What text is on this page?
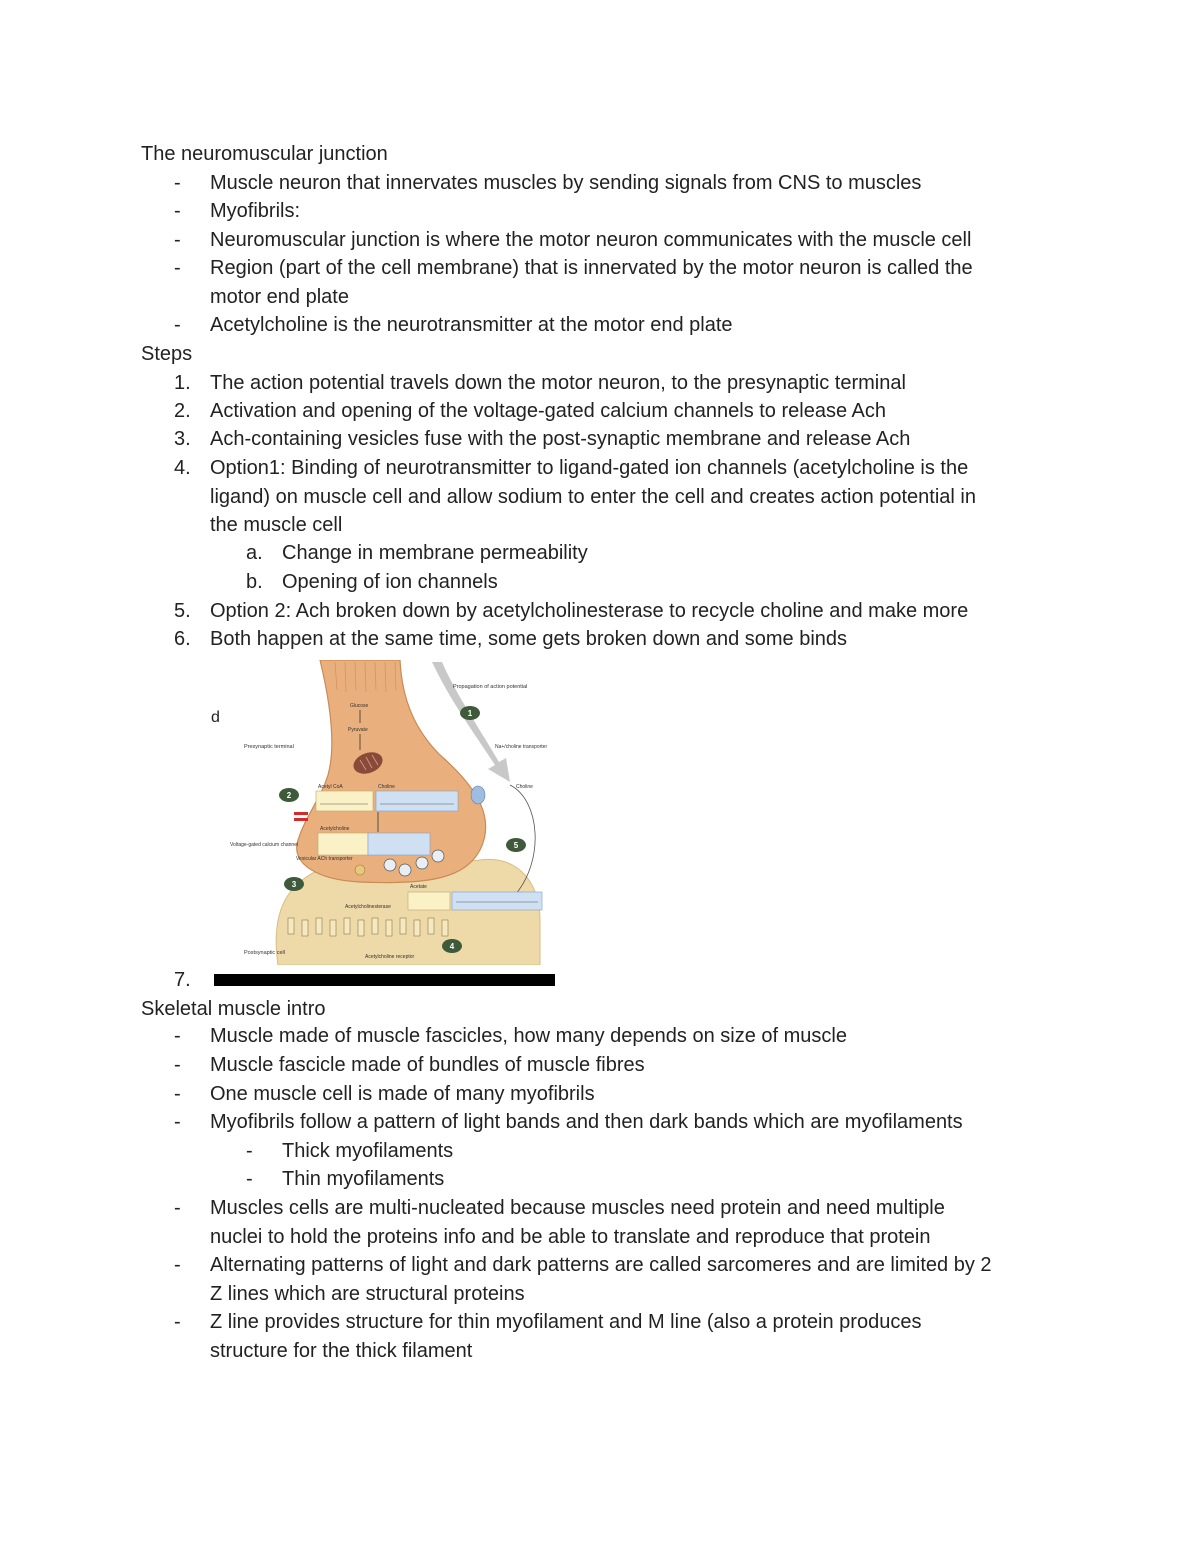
The neuromuscular junction
-	Muscle neuron that innervates muscles by sending signals from CNS to muscles
-	Myofibrils:
-	Neuromuscular junction is where the motor neuron communicates with the muscle cell
-	Region (part of the cell membrane) that is innervated by the motor neuron is called the
motor end plate
-	Acetylcholine is the neurotransmitter at the motor end plate
Steps
1. The action potential travels down the motor neuron, to the presynaptic terminal
2. Activation and opening of the voltage-gated calcium channels to release Ach
3. Ach-containing vesicles fuse with the post-synaptic membrane and release Ach
4. Option1: Binding of neurotransmitter to ligand-gated ion channels (acetylcholine is the
ligand) on muscle cell and allow sodium to enter the cell and creates action potential in
the muscle cell
a. Change in membrane permeability
b. Opening of ion channels
5. Option 2: Ach broken down by acetylcholinesterase to recycle choline and make more
6. Both happen at the same time, some gets broken down and some binds
d
Glucose
Pyruvate
Acetyl CoA	Choline
Acetylcholine
Na+/choline transporter
Choline
Acetylcholinesterase
Acetate
Propagation of action potential
Presynaptic terminal
Voltage-gated calcium channel
Vesicular ACh transporter
Postsynaptic cell
Acetylcholine receptor
1
2
3
4
5
7.
Skeletal muscle intro
-	Muscle made of muscle fascicles, how many depends on size of muscle
-	Muscle fascicle made of bundles of muscle fibres
-	One muscle cell is made of many myofibrils
-	Myofibrils follow a pattern of light bands and then dark bands which are myofilaments
-	Thick myofilaments
-	Thin myofilaments
-	Muscles cells are multi-nucleated because muscles need protein and need multiple
nuclei to hold the proteins info and be able to translate and reproduce that protein
-	Alternating patterns of light and dark patterns are called sarcomeres and are limited by 2
Z lines which are structural proteins
-	Z line provides structure for thin myofilament and M line (also a protein produces
structure for the thick filament
